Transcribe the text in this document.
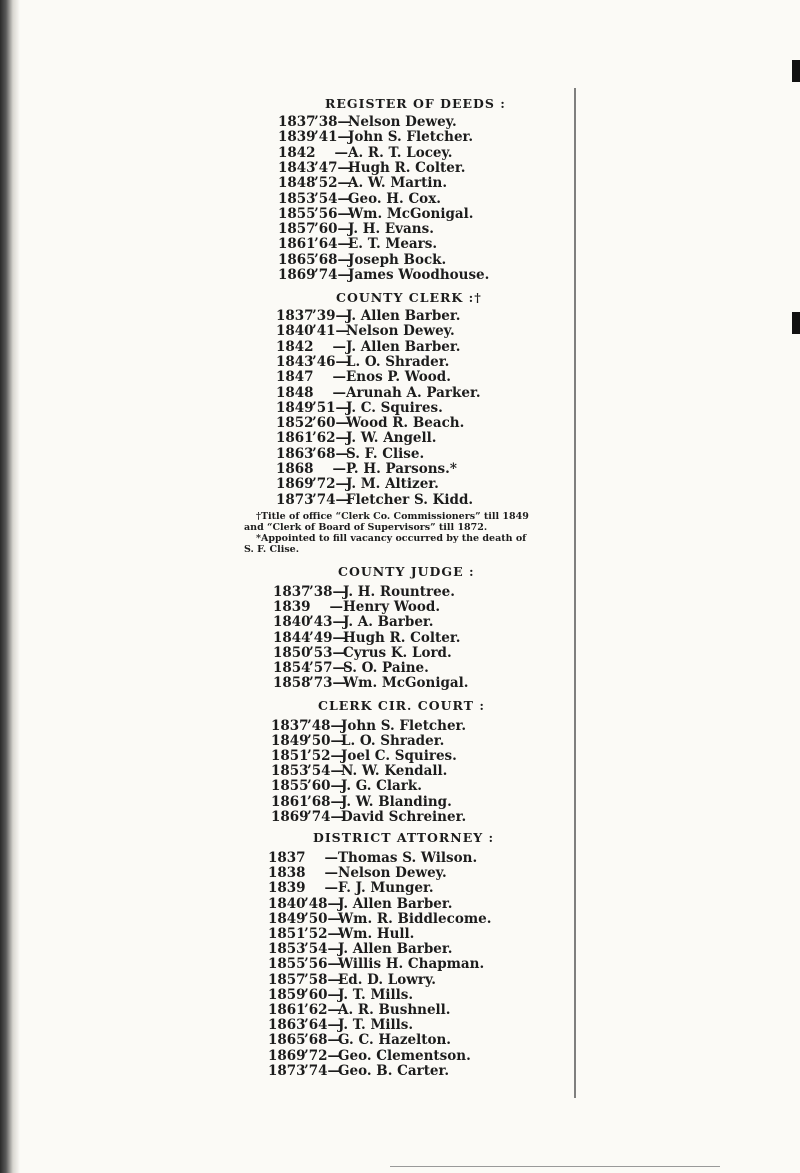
REGISTER OF DEEDS :
1837’38—Nelson Dewey.
1839’41—John S. Fletcher.
1842 —A. R. T. Locey.
1843’47—Hugh R. Colter.
1848’52—A. W. Martin.
1853’54—Geo. H. Cox.
1855’56—Wm. McGonigal.
1857’60—J. H. Evans.
1861’64—E. T. Mears.
1865’68—Joseph Bock.
1869’74—James Woodhouse.
COUNTY CLERK :†
1837’39—J. Allen Barber.
1840’41—Nelson Dewey.
1842 —J. Allen Barber.
1843’46—L. O. Shrader.
1847 —Enos P. Wood.
1848 —Arunah A. Parker.
1849’51—J. C. Squires.
1852’60—Wood R. Beach.
1861’62—J. W. Angell.
1863’68—S. F. Clise.
1868 —P. H. Parsons.*
1869’72—J. M. Altizer.
1873’74—Fletcher S. Kidd.
†Title of office “Clerk Co. Commissioners” till 1849
and “Clerk of Board of Supervisors” till 1872.
*Appointed to fill vacancy occurred by the death of
S. F. Clise.
COUNTY JUDGE :
1837’38—J. H. Rountree.
1839 —Henry Wood.
1840’43—J. A. Barber.
1844’49—Hugh R. Colter.
1850’53—Cyrus K. Lord.
1854’57—S. O. Paine.
1858’73—Wm. McGonigal.
CLERK CIR. COURT :
1837’48—John S. Fletcher.
1849’50—L. O. Shrader.
1851’52—Joel C. Squires.
1853’54—N. W. Kendall.
1855’60—J. G. Clark.
1861’68—J. W. Blanding.
1869’74—David Schreiner.
DISTRICT ATTORNEY :
1837 —Thomas S. Wilson.
1838 —Nelson Dewey.
1839 —F. J. Munger.
1840’48—J. Allen Barber.
1849’50—Wm. R. Biddlecome.
1851’52—Wm. Hull.
1853’54—J. Allen Barber.
1855’56—Willis H. Chapman.
1857’58—Ed. D. Lowry.
1859’60—J. T. Mills.
1861’62—A. R. Bushnell.
1863’64—J. T. Mills.
1865’68—G. C. Hazelton.
1869’72—Geo. Clementson.
1873’74—Geo. B. Carter.
